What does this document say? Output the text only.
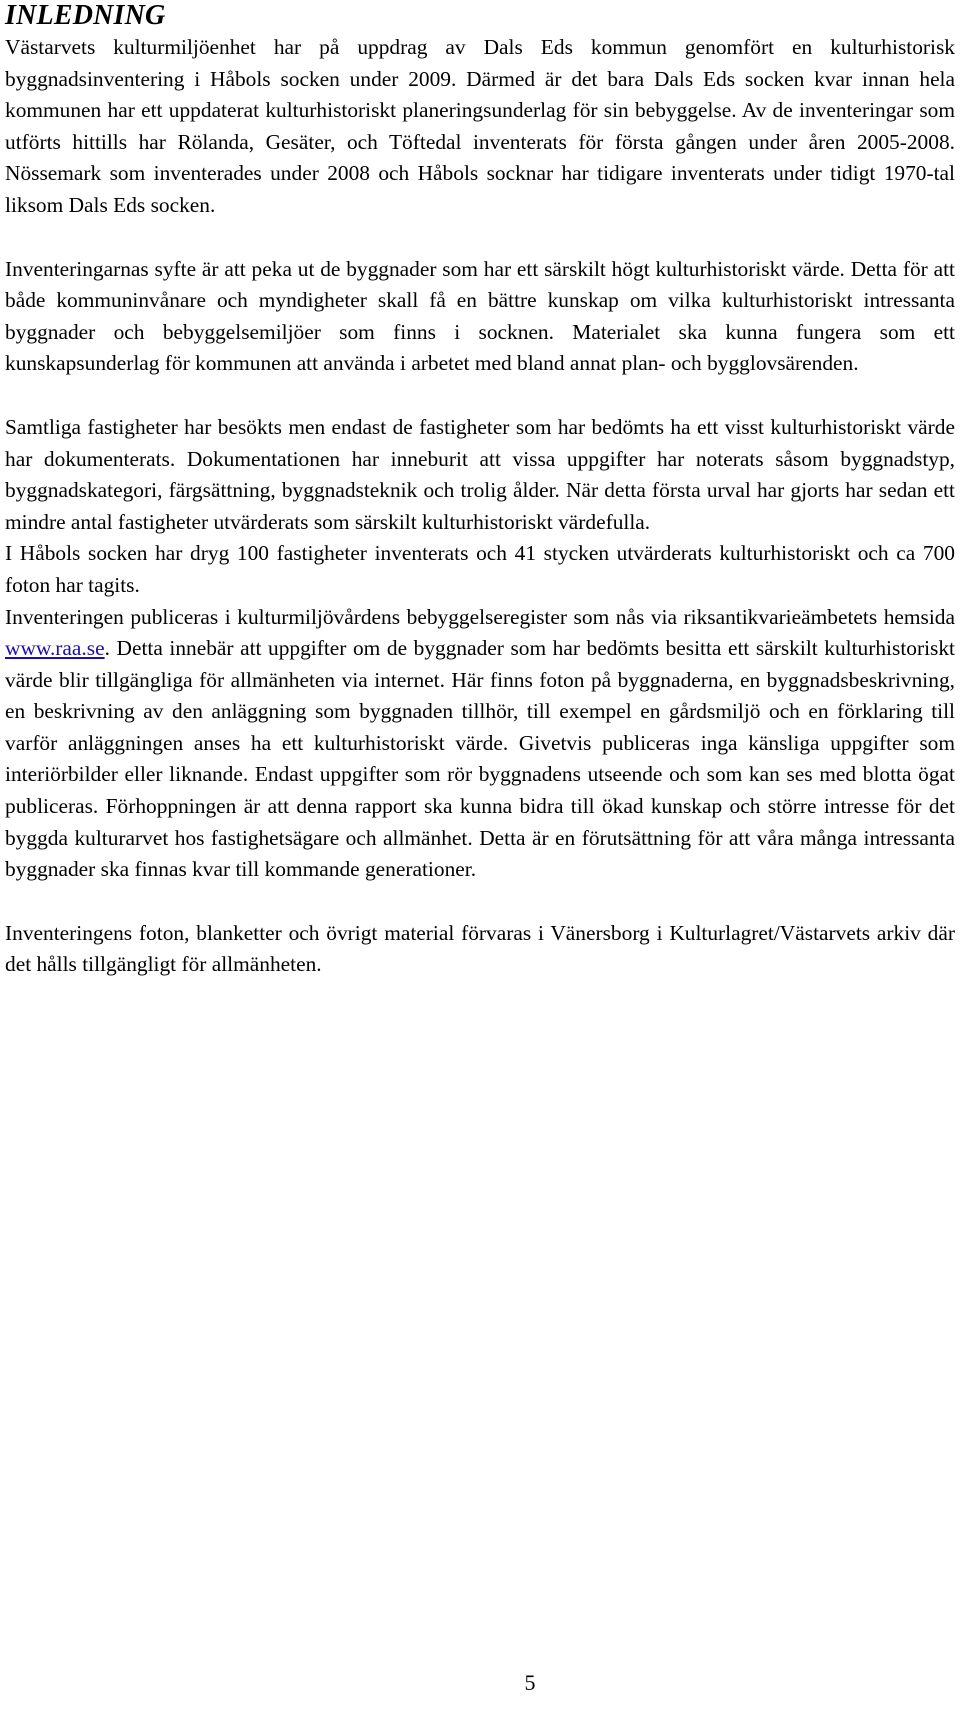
INLEDNING

Västarvets kulturmiljöenhet har på uppdrag av Dals Eds kommun genomfört en kulturhistorisk byggnadsinventering i Håbols socken under 2009. Därmed är det bara Dals Eds socken kvar innan hela kommunen har ett uppdaterat kulturhistoriskt planeringsunderlag för sin bebyggelse. Av de inventeringar som utförts hittills har Rölanda, Gesäter, och Töftedal inventerats för första gången under åren 2005-2008. Nössemark som inventerades under 2008 och Håbols socknar har tidigare inventerats under tidigt 1970-tal liksom Dals Eds socken.

Inventeringarnas syfte är att peka ut de byggnader som har ett särskilt högt kulturhistoriskt värde. Detta för att både kommuninvånare och myndigheter skall få en bättre kunskap om vilka kulturhistoriskt intressanta byggnader och bebyggelsemiljöer som finns i socknen. Materialet ska kunna fungera som ett kunskapsunderlag för kommunen att använda i arbetet med bland annat plan- och bygglovsärenden.

Samtliga fastigheter har besökts men endast de fastigheter som har bedömts ha ett visst kulturhistoriskt värde har dokumenterats. Dokumentationen har inneburit att vissa uppgifter har noterats såsom byggnadstyp, byggnadskategori, färgsättning, byggnadsteknik och trolig ålder. När detta första urval har gjorts har sedan ett mindre antal fastigheter utvärderats som särskilt kulturhistoriskt värdefulla.

I Håbols socken har dryg 100 fastigheter inventerats och 41 stycken utvärderats kulturhistoriskt och ca 700 foton har tagits.

Inventeringen publiceras i kulturmiljövårdens bebyggelseregister som nås via riksantikvarieämbetets hemsida www.raa.se. Detta innebär att uppgifter om de byggnader som har bedömts besitta ett särskilt kulturhistoriskt värde blir tillgängliga för allmänheten via internet. Här finns foton på byggnaderna, en byggnadsbeskrivning, en beskrivning av den anläggning som byggnaden tillhör, till exempel en gårdsmiljö och en förklaring till varför anläggningen anses ha ett kulturhistoriskt värde. Givetvis publiceras inga känsliga uppgifter som interiörbilder eller liknande. Endast uppgifter som rör byggnadens utseende och som kan ses med blotta ögat publiceras. Förhoppningen är att denna rapport ska kunna bidra till ökad kunskap och större intresse för det byggda kulturarvet hos fastighetsägare och allmänhet. Detta är en förutsättning för att våra många intressanta byggnader ska finnas kvar till kommande generationer.

Inventeringens foton, blanketter och övrigt material förvaras i Vänersborg i Kulturlagret/Västarvets arkiv där det hålls tillgängligt för allmänheten.

5
